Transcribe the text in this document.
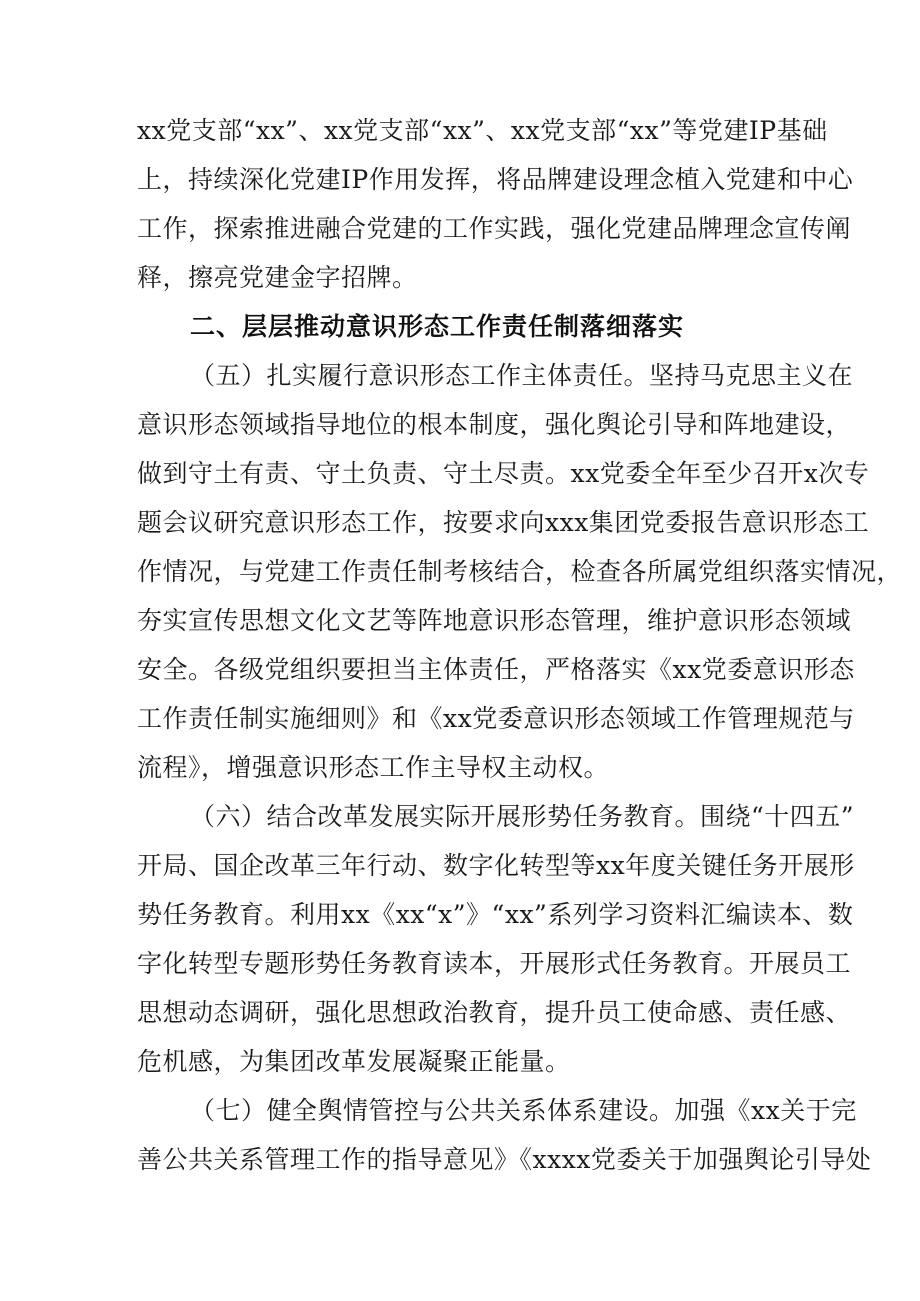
xx党支部“xx”、xx党支部“xx”、xx党支部“xx”等党建IP基础
上，持续深化党建IP作用发挥，将品牌建设理念植入党建和中心
工作，探索推进融合党建的工作实践，强化党建品牌理念宣传阐
释，擦亮党建金字招牌。
二、层层推动意识形态工作责任制落细落实
（五）扎实履行意识形态工作主体责任。坚持马克思主义在
意识形态领域指导地位的根本制度，强化舆论引导和阵地建设，
做到守土有责、守土负责、守土尽责。xx党委全年至少召开x次专
题会议研究意识形态工作，按要求向xxx集团党委报告意识形态工
作情况，与党建工作责任制考核结合，检查各所属党组织落实情况，
夯实宣传思想文化文艺等阵地意识形态管理，维护意识形态领域
安全。各级党组织要担当主体责任，严格落实《xx党委意识形态
工作责任制实施细则》和《xx党委意识形态领域工作管理规范与
流程》，增强意识形态工作主导权主动权。
（六）结合改革发展实际开展形势任务教育。围绕“十四五”
开局、国企改革三年行动、数字化转型等xx年度关键任务开展形
势任务教育。利用xx《xx“x”》“xx”系列学习资料汇编读本、数
字化转型专题形势任务教育读本，开展形式任务教育。开展员工
思想动态调研，强化思想政治教育，提升员工使命感、责任感、
危机感，为集团改革发展凝聚正能量。
（七）健全舆情管控与公共关系体系建设。加强《xx关于完
善公共关系管理工作的指导意见》《xxxx党委关于加强舆论引导处
